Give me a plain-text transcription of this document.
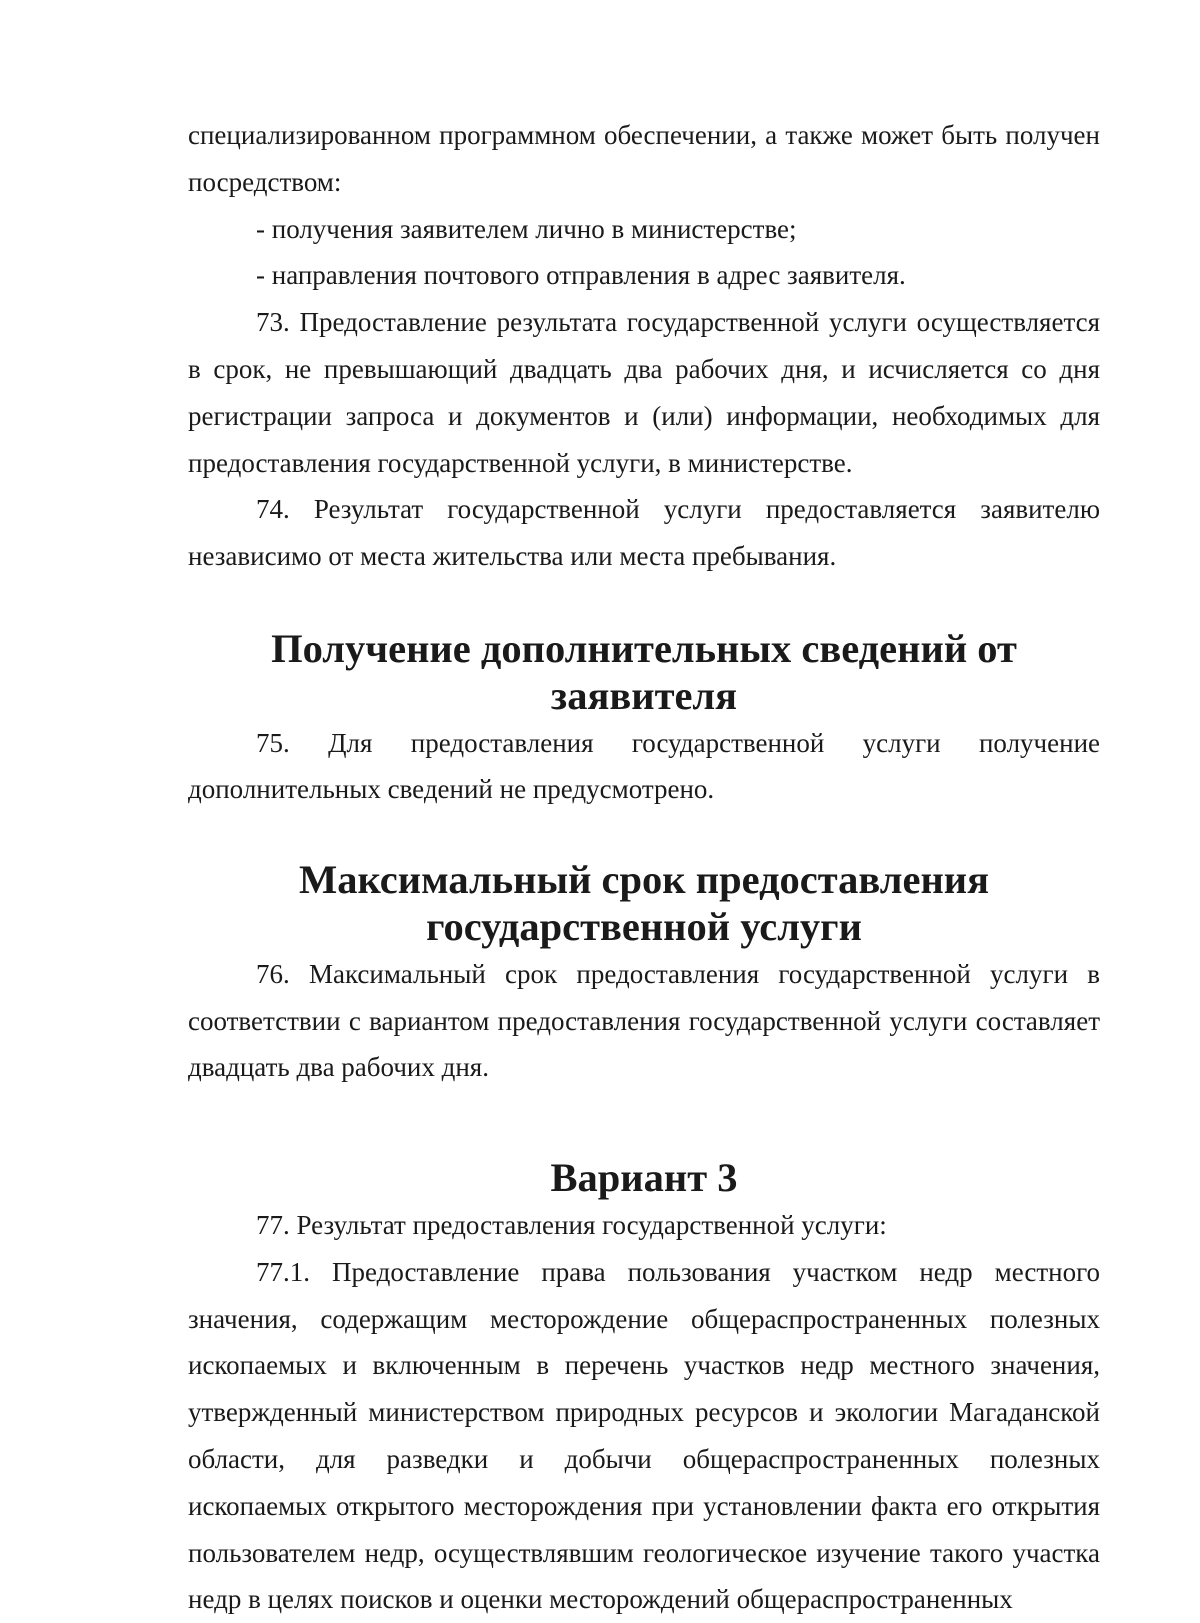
специализированном программном обеспечении, а также может быть получен посредством:

- получения заявителем лично в министерстве;

- направления почтового отправления в адрес заявителя.

73. Предоставление результата государственной услуги осуществляется в срок, не превышающий двадцать два рабочих дня, и исчисляется со дня регистрации запроса и документов и (или) информации, необходимых для предоставления государственной услуги, в министерстве.

74. Результат государственной услуги предоставляется заявителю независимо от места жительства или места пребывания.

Получение дополнительных сведений от заявителя

75. Для предоставления государственной услуги получение дополнительных сведений не предусмотрено.

Максимальный срок предоставления государственной услуги

76. Максимальный срок предоставления государственной услуги в соответствии с вариантом предоставления государственной услуги составляет двадцать два рабочих дня.

Вариант 3

77. Результат предоставления государственной услуги:

77.1. Предоставление права пользования участком недр местного значения, содержащим месторождение общераспространенных полезных ископаемых и включенным в перечень участков недр местного значения, утвержденный министерством природных ресурсов и экологии Магаданской области, для разведки и добычи общераспространенных полезных ископаемых открытого месторождения при установлении факта его открытия пользователем недр, осуществлявшим геологическое изучение такого участка недр в целях поисков и оценки месторождений общераспространенных
